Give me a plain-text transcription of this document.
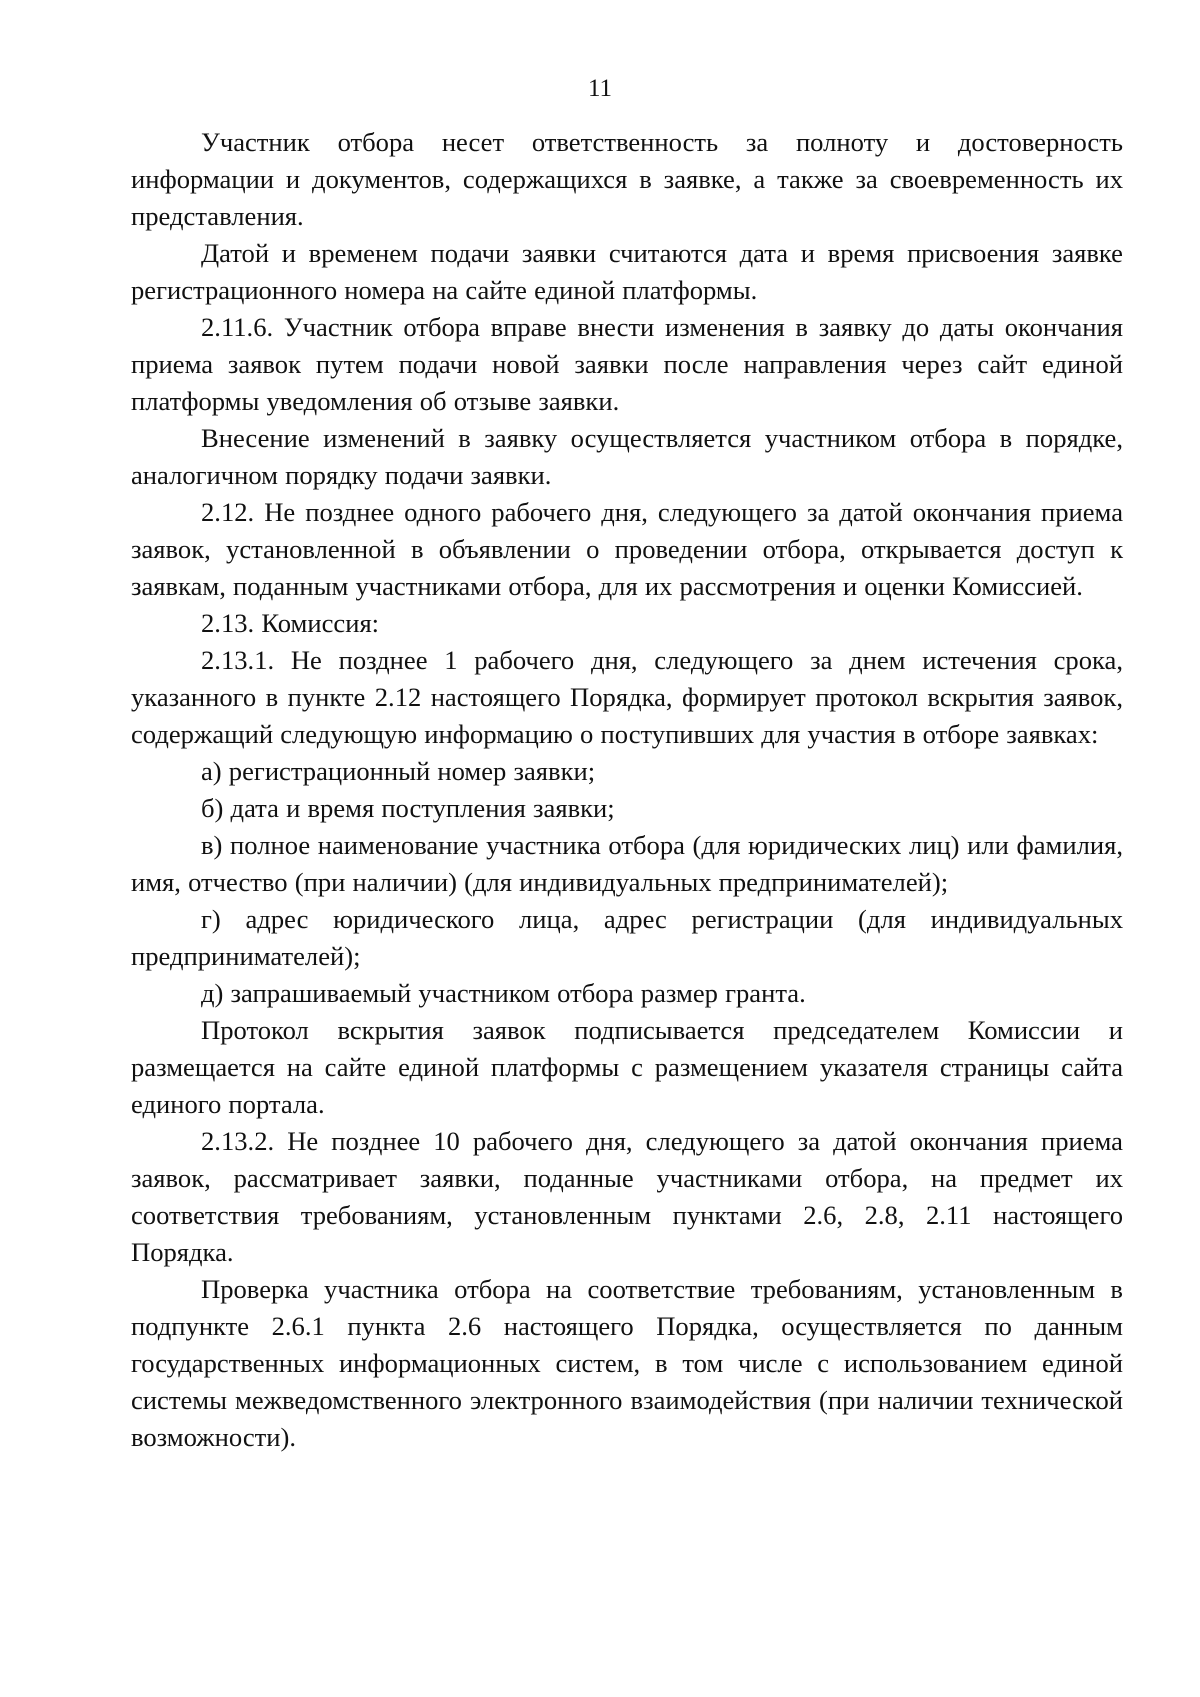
11

Участник отбора несет ответственность за полноту и достоверность информации и документов, содержащихся в заявке, а также за своевременность их представления.

Датой и временем подачи заявки считаются дата и время присвоения заявке регистрационного номера на сайте единой платформы.

2.11.6. Участник отбора вправе внести изменения в заявку до даты окончания приема заявок путем подачи новой заявки после направления через сайт единой платформы уведомления об отзыве заявки.

Внесение изменений в заявку осуществляется участником отбора в порядке, аналогичном порядку подачи заявки.

2.12. Не позднее одного рабочего дня, следующего за датой окончания приема заявок, установленной в объявлении о проведении отбора, открывается доступ к заявкам, поданным участниками отбора, для их рассмотрения и оценки Комиссией.

2.13. Комиссия:

2.13.1. Не позднее 1 рабочего дня, следующего за днем истечения срока, указанного в пункте 2.12 настоящего Порядка, формирует протокол вскрытия заявок, содержащий следующую информацию о поступивших для участия в отборе заявках:

а) регистрационный номер заявки;

б) дата и время поступления заявки;

в) полное наименование участника отбора (для юридических лиц) или фамилия, имя, отчество (при наличии) (для индивидуальных предпринимателей);

г) адрес юридического лица, адрес регистрации (для индивидуальных предпринимателей);

д) запрашиваемый участником отбора размер гранта.

Протокол вскрытия заявок подписывается председателем Комиссии и размещается на сайте единой платформы с размещением указателя страницы сайта единого портала.

2.13.2. Не позднее 10 рабочего дня, следующего за датой окончания приема заявок, рассматривает заявки, поданные участниками отбора, на предмет их соответствия требованиям, установленным пунктами 2.6, 2.8, 2.11 настоящего Порядка.

Проверка участника отбора на соответствие требованиям, установленным в подпункте 2.6.1 пункта 2.6 настоящего Порядка, осуществляется по данным государственных информационных систем, в том числе с использованием единой системы межведомственного электронного взаимодействия (при наличии технической возможности).
